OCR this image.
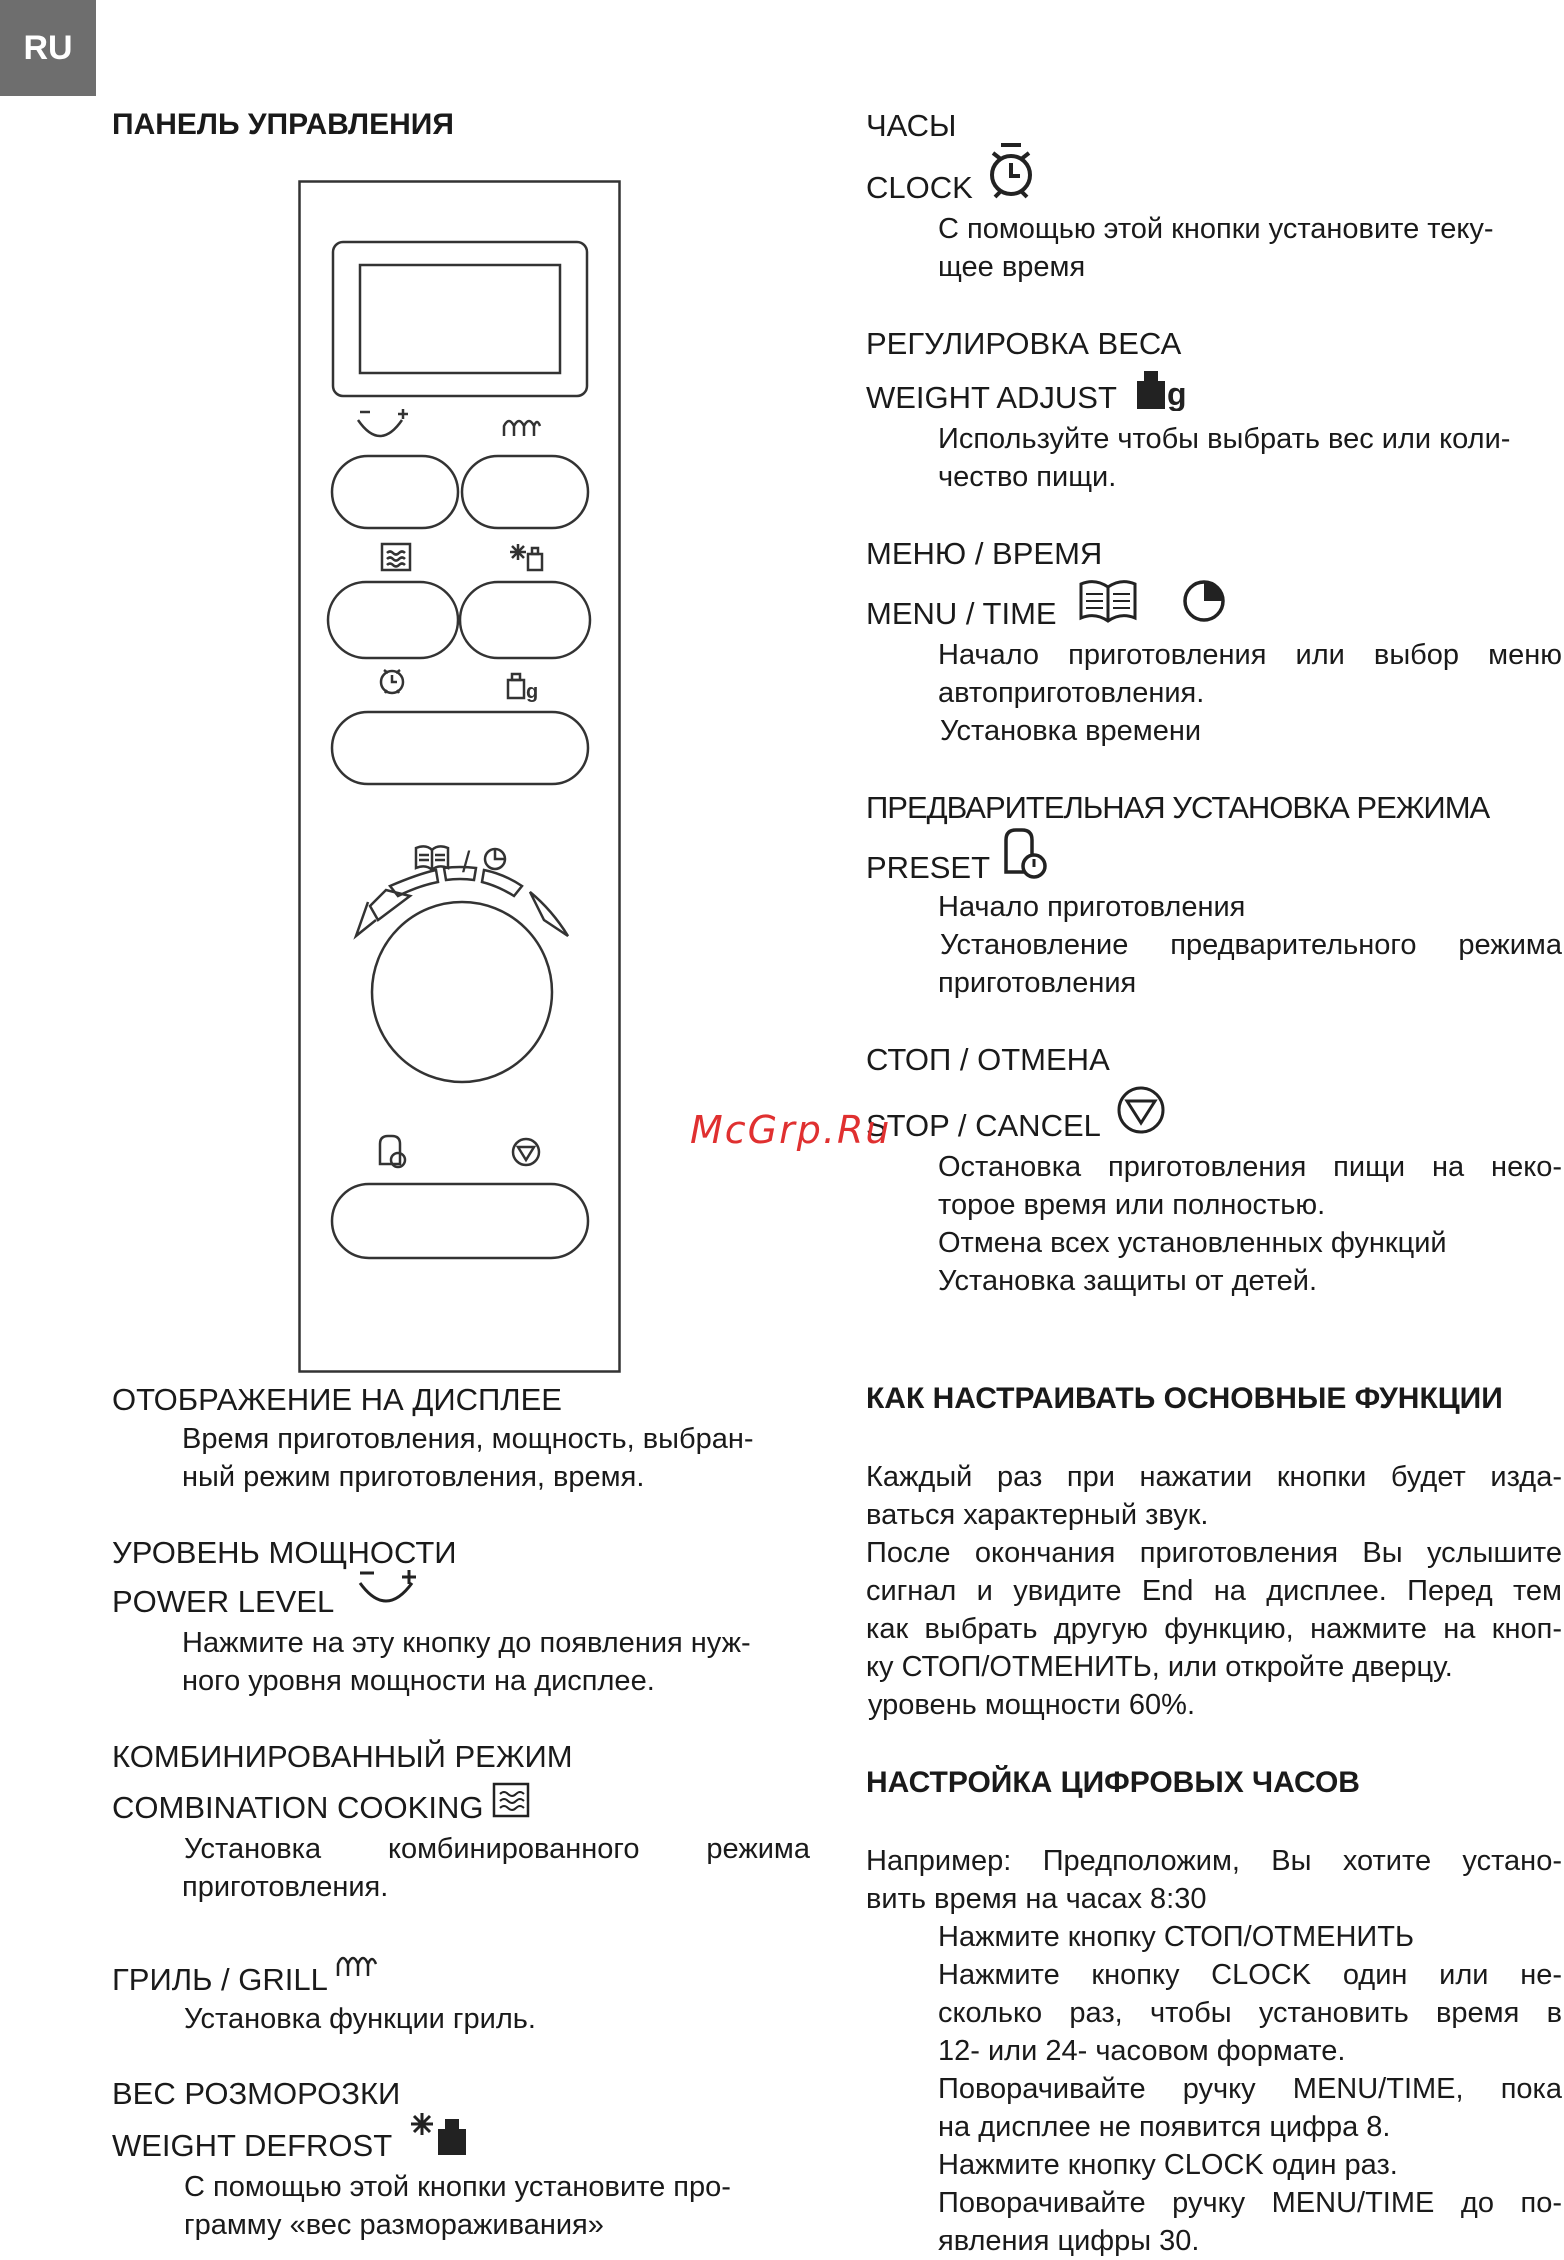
RU
ПАНЕЛЬ УПРАВЛЕНИЯ
g
/
ОТОБРАЖЕНИЕ НА ДИСПЛЕЕ
Время приготовления, мощность, выбран-
ный режим приготовления, время.
УРОВЕНЬ МОЩНОСТИ
POWER LEVEL
Нажмите на эту кнопку до появления нуж-
ного уровня мощности на дисплее.
КОМБИНИРОВАННЫЙ РЕЖИМ
COMBINATION COOKING
Установка комбинированного режима
приготовления.
ГРИЛЬ / GRILL
Установка функции гриль.
ВЕС РОЗМОРОЗКИ
WEIGHT DEFROST
С помощью этой кнопки установите про-
грамму «вес размораживания»
ЧАСЫ
CLOCK
С помощью этой кнопки установите теку-
щее время
РЕГУЛИРОВКА ВЕСА
WEIGHT ADJUST g
Используйте чтобы выбрать вес или коли-
чество пищи.
МЕНЮ / ВРЕМЯ
MENU / TIME
Начало приготовления или выбор меню
автоприготовления.
Установка времени
ПРЕДВАРИТЕЛЬНАЯ УСТАНОВКА РЕЖИМА
PRESET
Начало приготовления
Установление предварительного режима
приготовления
СТОП / ОТМЕНА
STOP / CANCEL
Остановка приготовления пищи на неко-
торое время или полностью.
Отмена всех установленных функций
Установка защиты от детей.
КАК НАСТРАИВАТЬ ОСНОВНЫЕ ФУНКЦИИ
Каждый раз при нажатии кнопки будет изда-
ваться характерный звук.
После окончания приготовления Вы услышите
сигнал и увидите End на дисплее. Перед тем
как выбрать другую функцию, нажмите на кноп-
ку СТОП/ОТМЕНИТЬ, или откройте дверцу.
уровень мощности 60%.
НАСТРОЙКА ЦИФРОВЫХ ЧАСОВ
Например: Предположим, Вы хотите устано-
вить время на часах 8:30
Нажмите кнопку СТОП/ОТМЕНИТЬ
Нажмите кнопку CLOCK один или не-
сколько раз, чтобы установить время в
12- или 24- часовом формате.
Поворачивайте ручку MENU/TIME, пока
на дисплее не появится цифра 8.
Нажмите кнопку CLOCK один раз.
Поворачивайте ручку MENU/TIME до по-
явления цифры 30.
McGrp.Ru
